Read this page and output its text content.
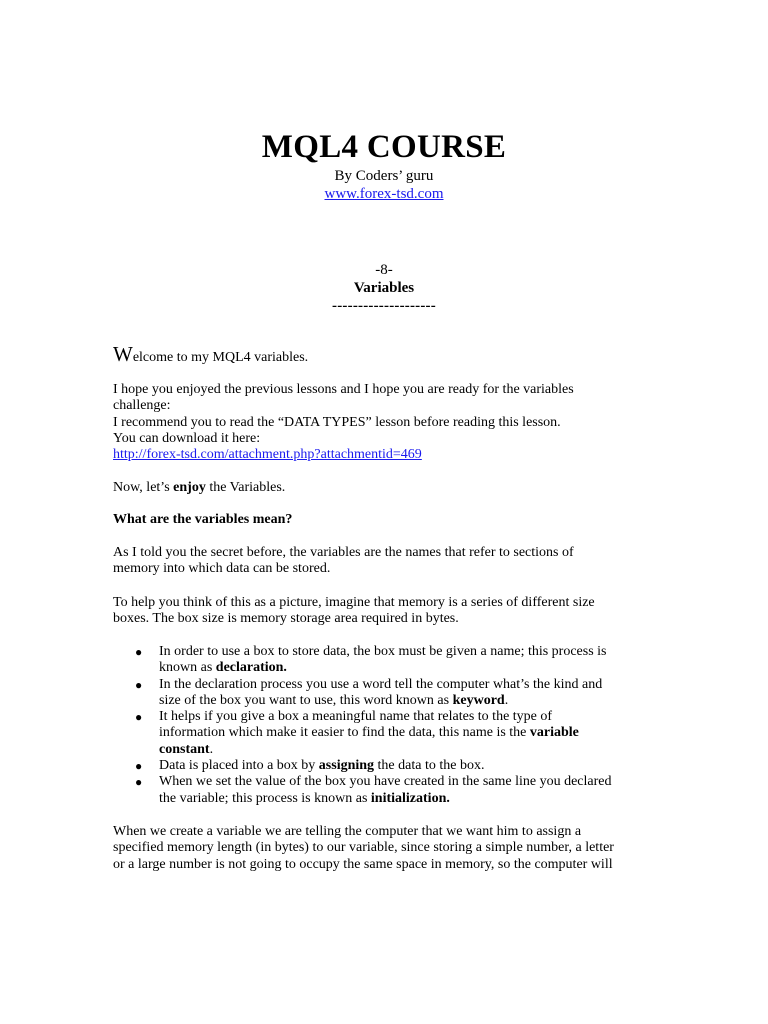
MQL4 COURSE
By Coders’ guru
www.forex-tsd.com
-8-
Variables
--------------------

Welcome to my MQL4 variables.

I hope you enjoyed the previous lessons and I hope you are ready for the variables

challenge:

I recommend you to read the “DATA TYPES” lesson before reading this lesson.

You can download it here:

http://forex-tsd.com/attachment.php?attachmentid=469

Now, let’s enjoy the Variables.

What are the variables mean?

As I told you the secret before, the variables are the names that refer to sections of

memory into which data can be stored.

To help you think of this as a picture, imagine that memory is a series of different size

boxes. The box size is memory storage area required in bytes.

● In order to use a box to store data, the box must be given a name; this process is

known as declaration.

● In the declaration process you use a word tell the computer what’s the kind and

size of the box you want to use, this word known as keyword.

● It helps if you give a box a meaningful name that relates to the type of

information which make it easier to find the data, this name is the variable

constant.

● Data is placed into a box by assigning the data to the box.

● When we set the value of the box you have created in the same line you declared

the variable; this process is known as initialization.

When we create a variable we are telling the computer that we want him to assign a

specified memory length (in bytes) to our variable, since storing a simple number, a letter

or a large number is not going to occupy the same space in memory, so the computer will
